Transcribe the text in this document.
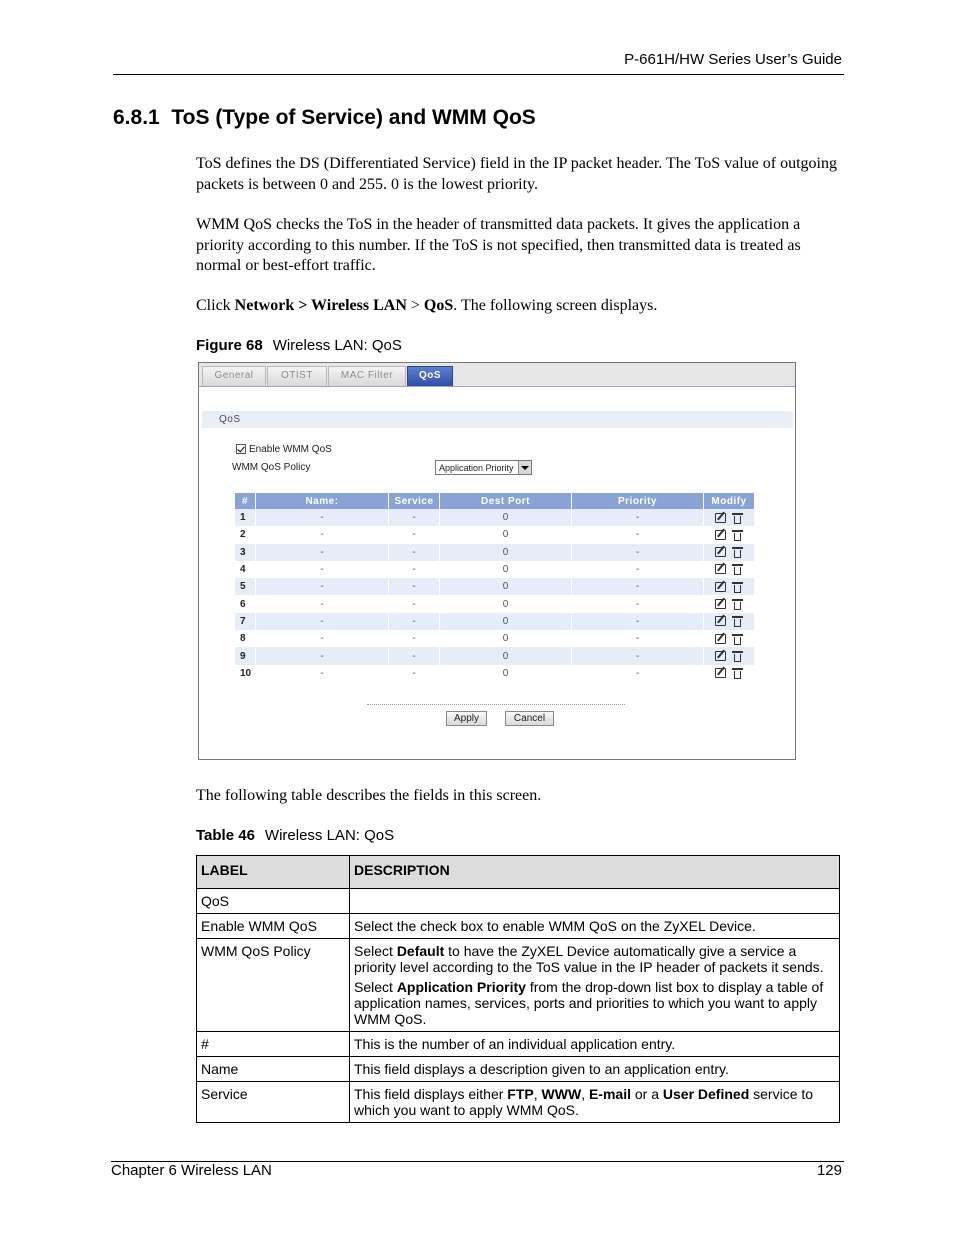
P-661H/HW Series User’s Guide
6.8.1  ToS (Type of Service) and WMM QoS
ToS defines the DS (Differentiated Service) field in the IP packet header. The ToS value of outgoing packets is between 0 and 255. 0 is the lowest priority.
WMM QoS checks the ToS in the header of transmitted data packets. It gives the application a priority according to this number. If the ToS is not specified, then transmitted data is treated as normal or best-effort traffic.
Click Network > Wireless LAN > QoS. The following screen displays.
Figure 68 Wireless LAN: QoS
General	OTIST	MAC Filter	QoS
QoS
Enable WMM QoS
WMM QoS Policy	Application Priority
#	Name:	Service	Dest Port	Priority	Modify
1	-	-	0	-	
2	-	-	0	-	
3	-	-	0	-	
4	-	-	0	-	
5	-	-	0	-	
6	-	-	0	-	
7	-	-	0	-	
8	-	-	0	-	
9	-	-	0	-	
10	-	-	0	-	
Apply	Cancel
The following table describes the fields in this screen.
Table 46 Wireless LAN: QoS
LABEL	DESCRIPTION
QoS	
Enable WMM QoS	Select the check box to enable WMM QoS on the ZyXEL Device.
WMM QoS Policy	Select Default to have the ZyXEL Device automatically give a service a priority level according to the ToS value in the IP header of packets it sends.

Select Application Priority from the drop-down list box to display a table of application names, services, ports and priorities to which you want to apply WMM QoS.

#	This is the number of an individual application entry.
Name	This field displays a description given to an application entry.
Service	This field displays either FTP, WWW, E-mail or a User Defined service to which you want to apply WMM QoS.
Chapter 6 Wireless LAN	129
